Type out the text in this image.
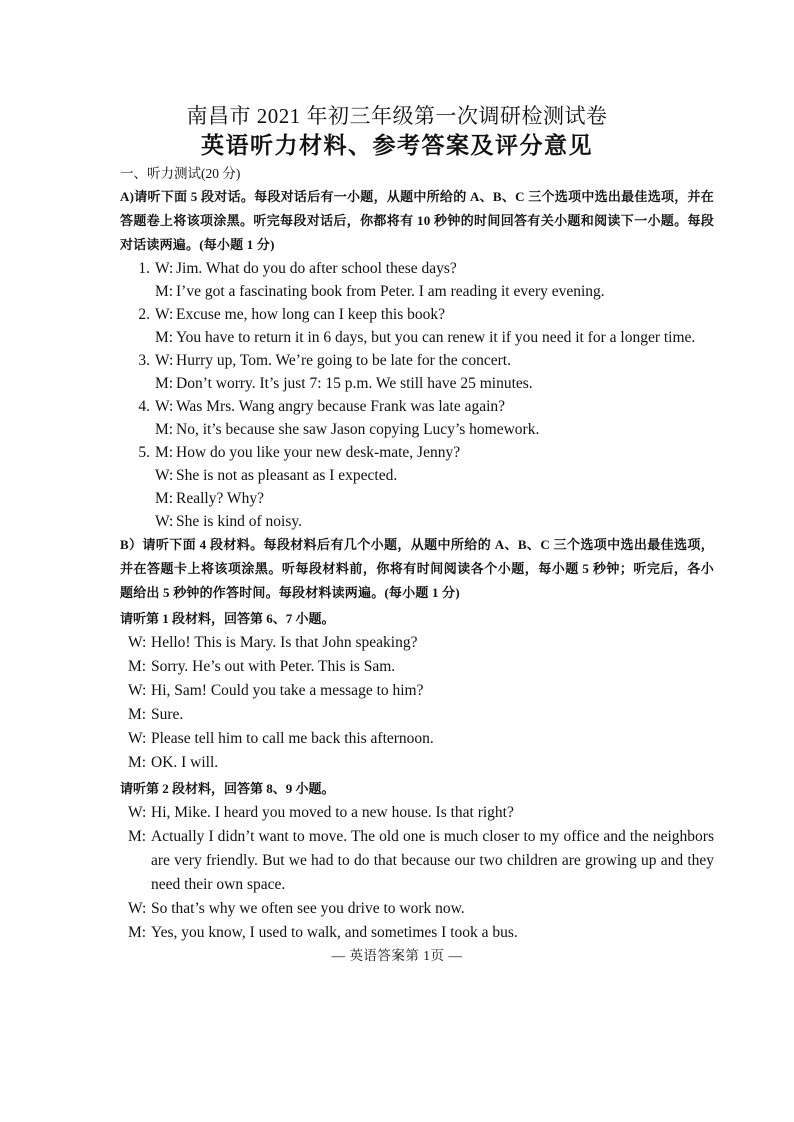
南昌市 2021 年初三年级第一次调研检测试卷
英语听力材料、参考答案及评分意见
一、听力测试(20 分)
A)请听下面 5 段对话。每段对话后有一小题，从题中所给的 A、B、C 三个选项中选出最佳选项，并在答题卷上将该项涂黑。听完每段对话后，你都将有 10 秒钟的时间回答有关小题和阅读下一小题。每段对话读两遍。(每小题 1 分)
1. W: Jim. What do you do after school these days?
M: I’ve got a fascinating book from Peter. I am reading it every evening.
2. W: Excuse me, how long can I keep this book?
M: You have to return it in 6 days, but you can renew it if you need it for a longer time.
3. W: Hurry up, Tom. We’re going to be late for the concert.
M: Don’t worry. It’s just 7: 15 p.m. We still have 25 minutes.
4. W: Was Mrs. Wang angry because Frank was late again?
M: No, it’s because she saw Jason copying Lucy’s homework.
5. M: How do you like your new desk-mate, Jenny?
W: She is not as pleasant as I expected.
M: Really? Why?
W: She is kind of noisy.
B）请听下面 4 段材料。每段材料后有几个小题，从题中所给的 A、B、C 三个选项中选出最佳选项，并在答题卡上将该项涂黑。听每段材料前，你将有时间阅读各个小题，每小题 5 秒钟；听完后，各小题给出 5 秒钟的作答时间。每段材料读两遍。(每小题 1 分)
请听第 1 段材料，回答第 6、7 小题。
W: Hello! This is Mary. Is that John speaking?
M: Sorry. He’s out with Peter. This is Sam.
W: Hi, Sam! Could you take a message to him?
M: Sure.
W: Please tell him to call me back this afternoon.
M: OK. I will.
请听第 2 段材料，回答第 8、9 小题。
W: Hi, Mike. I heard you moved to a new house. Is that right?
M: Actually I didn’t want to move. The old one is much closer to my office and the neighbors are very friendly. But we had to do that because our two children are growing up and they need their own space.
W: So that’s why we often see you drive to work now.
M: Yes, you know, I used to walk, and sometimes I took a bus.
— 英语答案第 1页 —
